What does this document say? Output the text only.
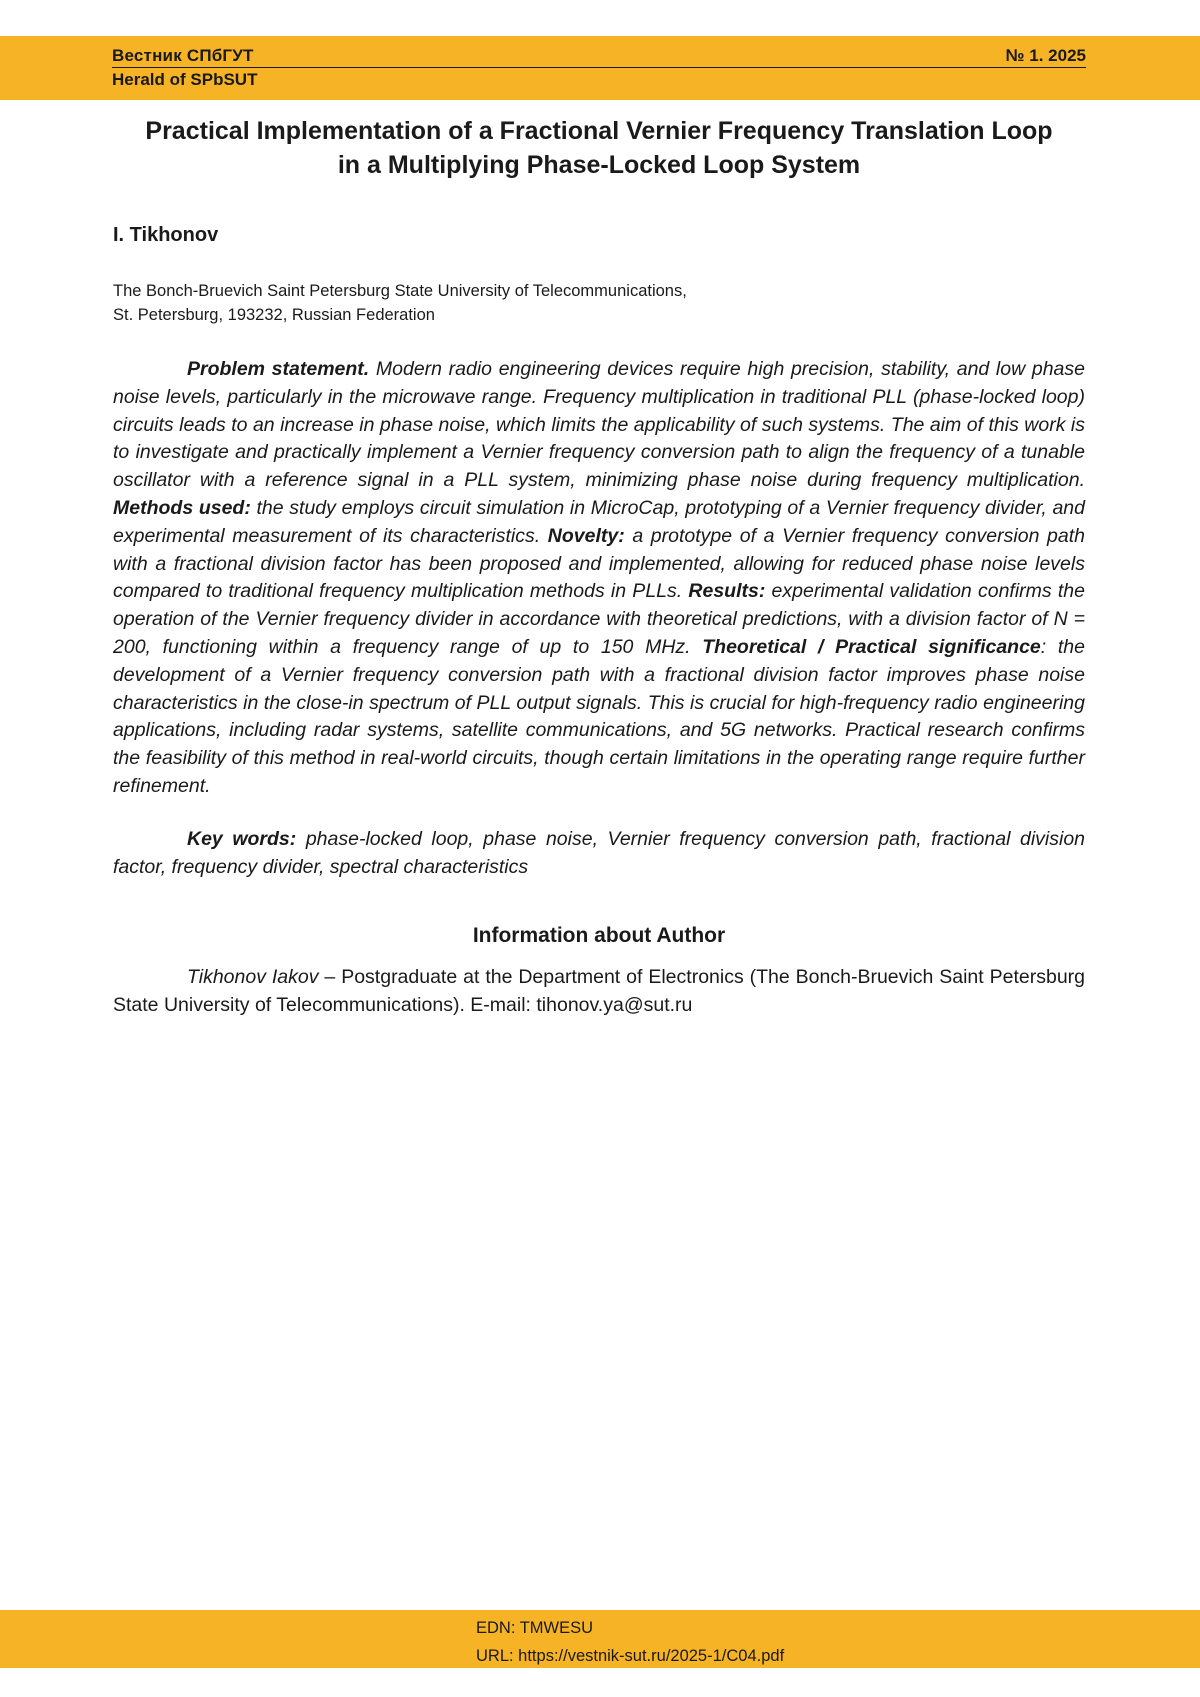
Вестник СПбГУТ	№ 1. 2025
Herald of SPbSUT
Practical Implementation of a Fractional Vernier Frequency Translation Loop
in a Multiplying Phase-Locked Loop System
I. Tikhonov
The Bonch-Bruevich Saint Petersburg State University of Telecommunications,
St. Petersburg, 193232, Russian Federation

Problem statement. Modern radio engineering devices require high precision, stability, and low phase noise levels, particularly in the microwave range. Frequency multiplication in traditional PLL (phase-locked loop) circuits leads to an increase in phase noise, which limits the applicability of such systems. The aim of this work is to investigate and practically implement a Vernier frequency conversion path to align the frequency of a tunable oscillator with a reference signal in a PLL system, minimizing phase noise during frequency multiplication. Methods used: the study employs circuit simulation in MicroCap, prototyping of a Vernier frequency divider, and experimental measurement of its characteristics. Novelty: a prototype of a Vernier frequency conversion path with a fractional division factor has been proposed and implemented, allowing for reduced phase noise levels compared to traditional frequency multiplication methods in PLLs. Results: experimental validation confirms the operation of the Vernier frequency divider in accordance with theoretical predictions, with a division factor of N = 200, functioning within a frequency range of up to 150 MHz. Theoretical / Practical significance: the development of a Vernier frequency conversion path with a fractional division factor improves phase noise characteristics in the close-in spectrum of PLL output signals. This is crucial for high-frequency radio engineering applications, including radar systems, satellite communications, and 5G networks. Practical research confirms the feasibility of this method in real-world circuits, though certain limitations in the operating range require further refinement.

Key words: phase-locked loop, phase noise, Vernier frequency conversion path, fractional division factor, frequency divider, spectral characteristics

Information about Author

Tikhonov Iakov – Postgraduate at the Department of Electronics (The Bonch-Bruevich Saint Petersburg State University of Telecommunications). E-mail: tihonov.ya@sut.ru

EDN: TMWESU
URL: https://vestnik-sut.ru/2025-1/C04.pdf
